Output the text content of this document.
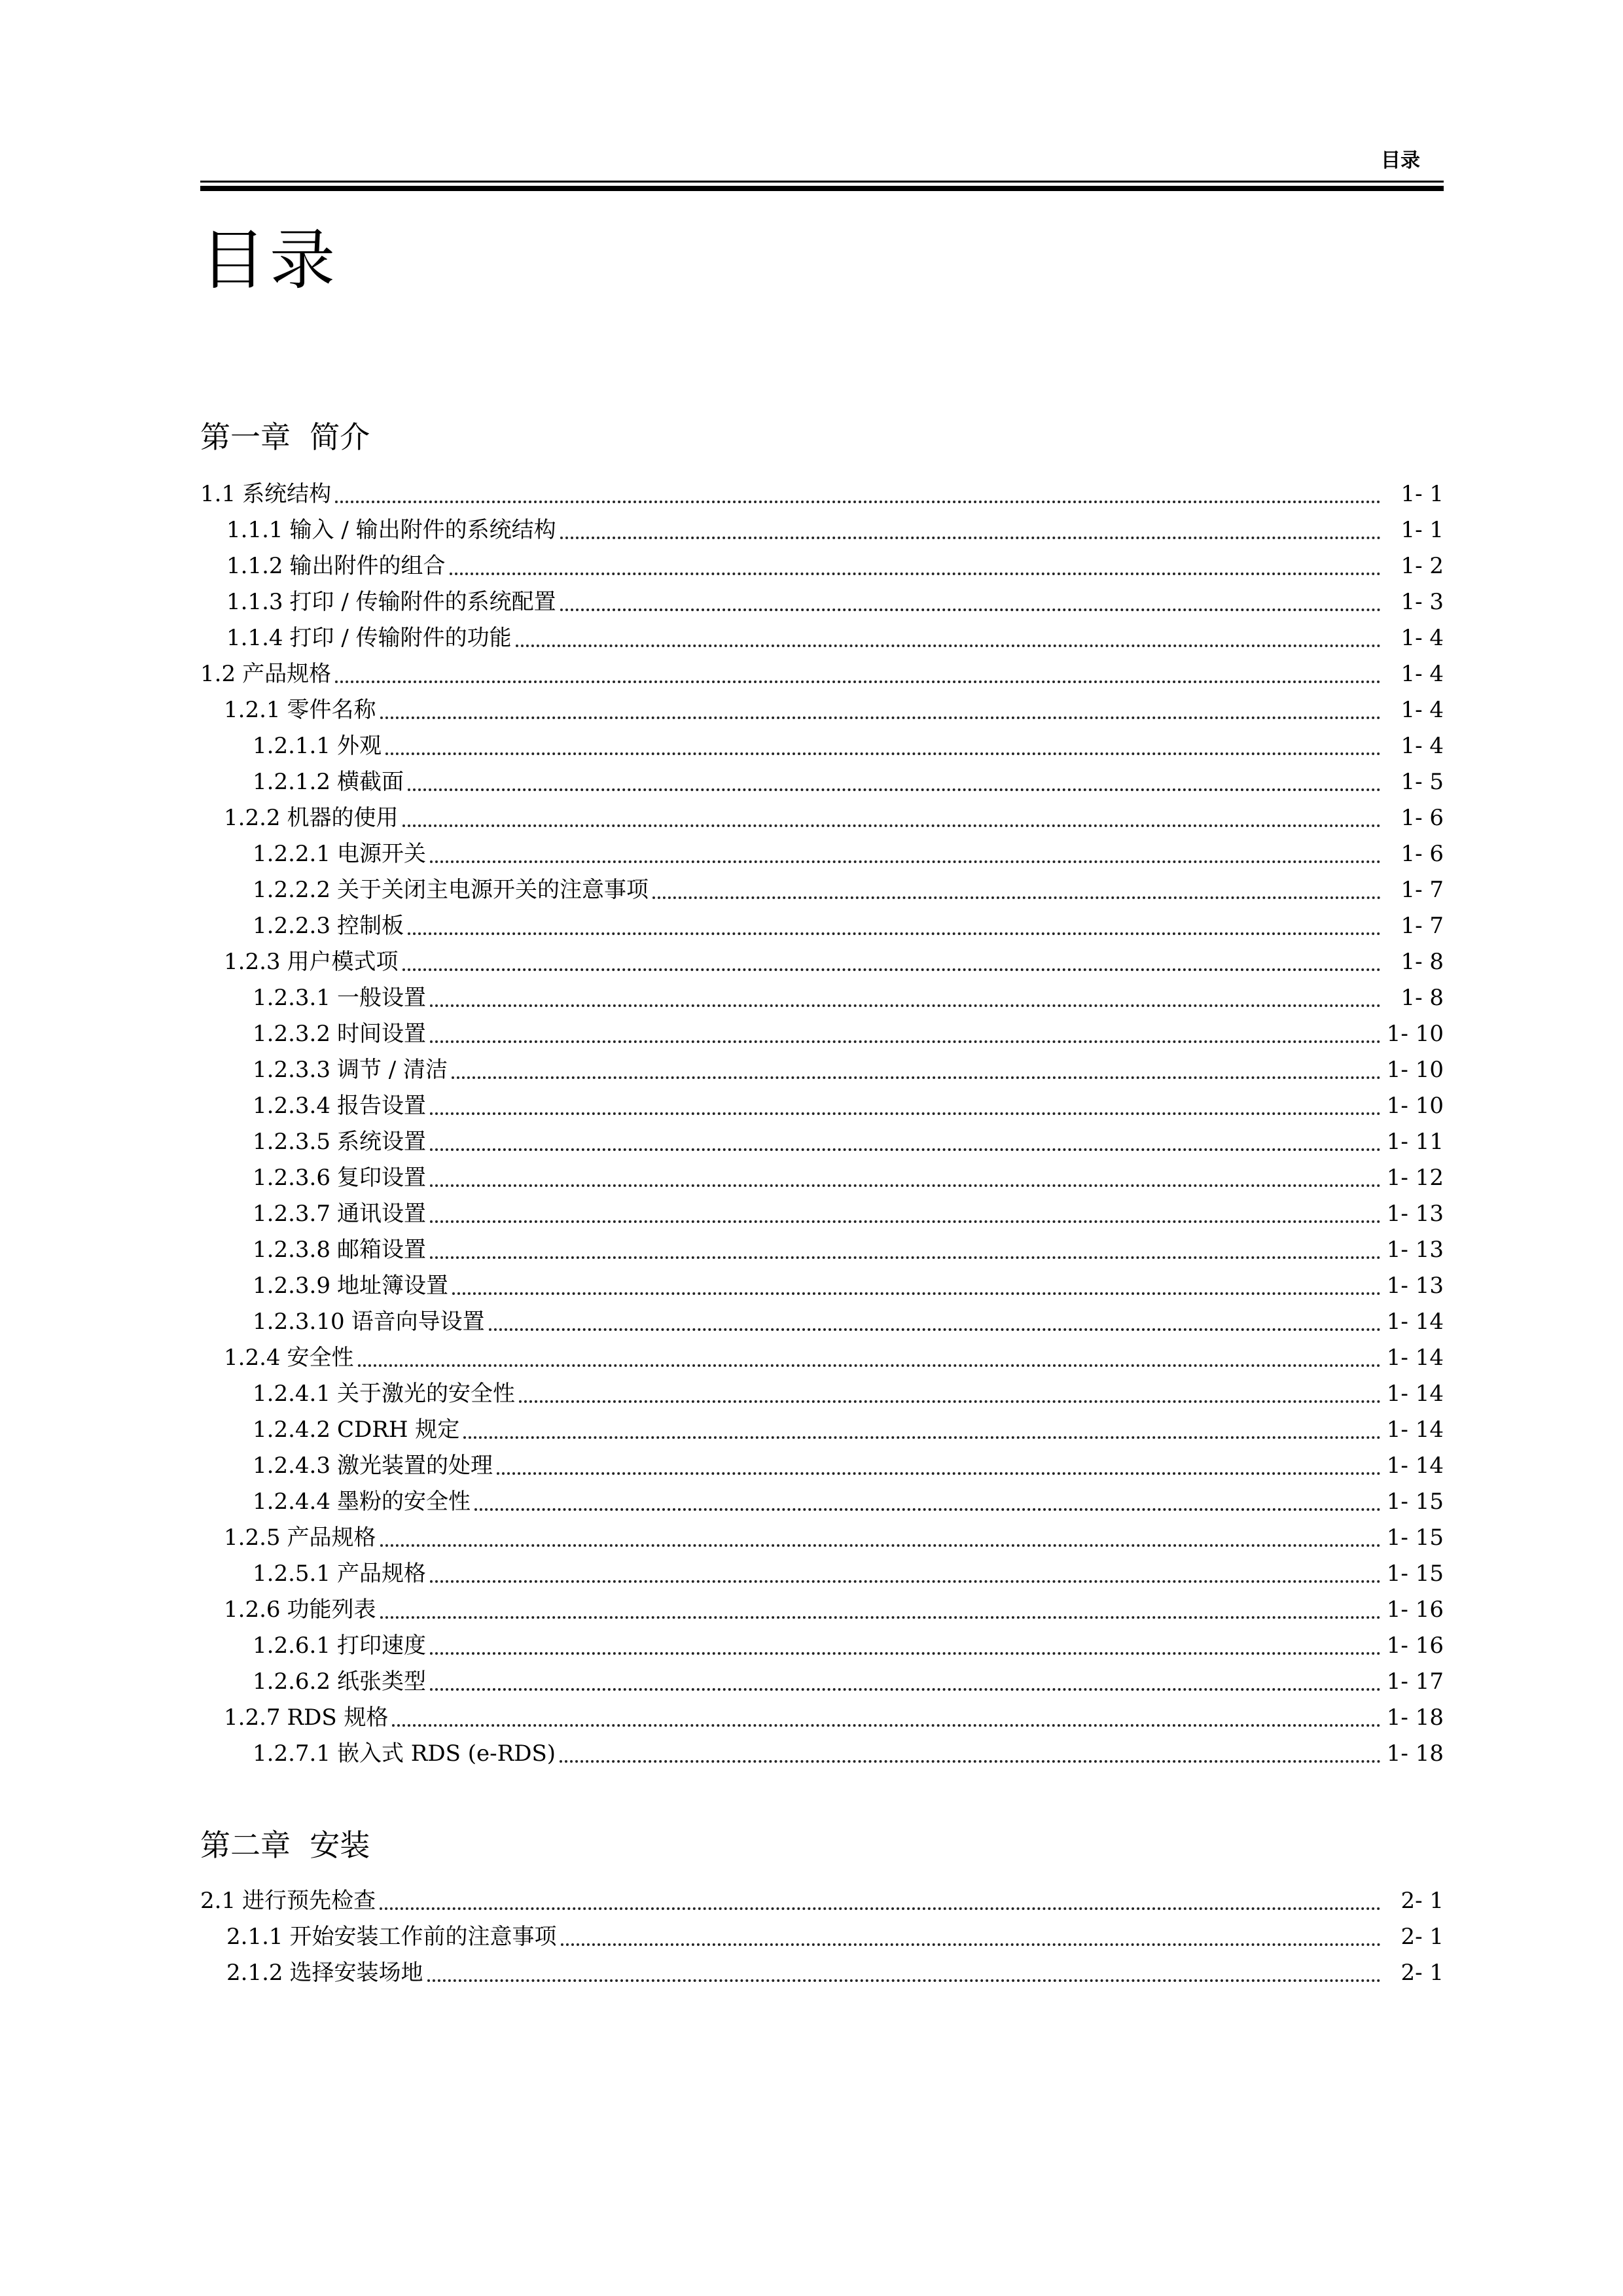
目录
目录
第一章  简介
1.1 系统结构	1- 1
1.1.1 输入 / 输出附件的系统结构	1- 1
1.1.2 输出附件的组合	1- 2
1.1.3 打印 / 传输附件的系统配置	1- 3
1.1.4 打印 / 传输附件的功能	1- 4
1.2 产品规格	1- 4
1.2.1 零件名称	1- 4
1.2.1.1 外观	1- 4
1.2.1.2 横截面	1- 5
1.2.2 机器的使用	1- 6
1.2.2.1 电源开关	1- 6
1.2.2.2 关于关闭主电源开关的注意事项	1- 7
1.2.2.3 控制板	1- 7
1.2.3 用户模式项	1- 8
1.2.3.1 一般设置	1- 8
1.2.3.2 时间设置	1- 10
1.2.3.3 调节 / 清洁	1- 10
1.2.3.4 报告设置	1- 10
1.2.3.5 系统设置	1- 11
1.2.3.6 复印设置	1- 12
1.2.3.7 通讯设置	1- 13
1.2.3.8 邮箱设置	1- 13
1.2.3.9 地址簿设置	1- 13
1.2.3.10 语音向导设置	1- 14
1.2.4 安全性	1- 14
1.2.4.1 关于激光的安全性	1- 14
1.2.4.2 CDRH 规定	1- 14
1.2.4.3 激光装置的处理	1- 14
1.2.4.4 墨粉的安全性	1- 15
1.2.5 产品规格	1- 15
1.2.5.1 产品规格	1- 15
1.2.6 功能列表	1- 16
1.2.6.1 打印速度	1- 16
1.2.6.2 纸张类型	1- 17
1.2.7 RDS 规格	1- 18
1.2.7.1 嵌入式 RDS (e-RDS)	1- 18
第二章  安装
2.1 进行预先检查	2- 1
2.1.1 开始安装工作前的注意事项	2- 1
2.1.2 选择安装场地	2- 1
